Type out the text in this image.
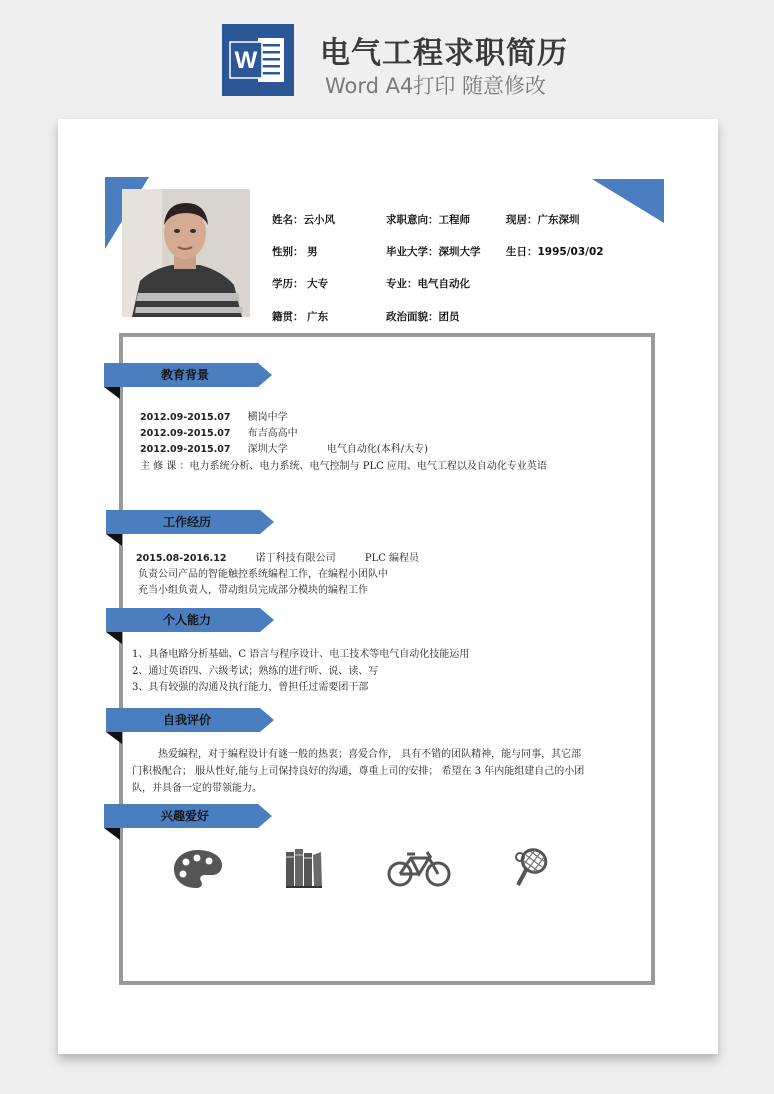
W 电气工程求职简历
Word A4打印 随意修改
姓名：云小风	求职意向：工程师	现居：广东深圳
性别： 男	毕业大学：深圳大学 生日：1995/03/02
学历： 大专	专业：电气自动化
籍贯： 广东	政治面貌：团员
教育背景
2012.09-2015.07 横岗中学
2012.09-2015.07 布吉高高中
2012.09-2015.07 深圳大学	电气自动化(本科/大专)
主 修 课 ：电力系统分析、电力系统、电气控制与 PLC 应用、电气工程以及自动化专业英语
工作经历
2015.08-2016.12	诺丁科技有限公司	PLC 编程员
负责公司产品的智能触控系统编程工作，在编程小团队中
充当小组负责人，带动组员完成部分模块的编程工作
个人能力
1、具备电路分析基础、C 语言与程序设计、电工技术等电气自动化技能运用
2、通过英语四、六级考试；熟练的进行听、说、读、写
3、具有较强的沟通及执行能力，曾担任过需要团干部
自我评价
热爱编程，对于编程设计有谜一般的热衷；喜爱合作， 具有不错的团队精神，能与同事，其它部
门积极配合； 服从性好,能与上司保持良好的沟通，尊重上司的安排； 希望在 3 年内能组建自己的小团
队，并具备一定的带领能力。
兴趣爱好
